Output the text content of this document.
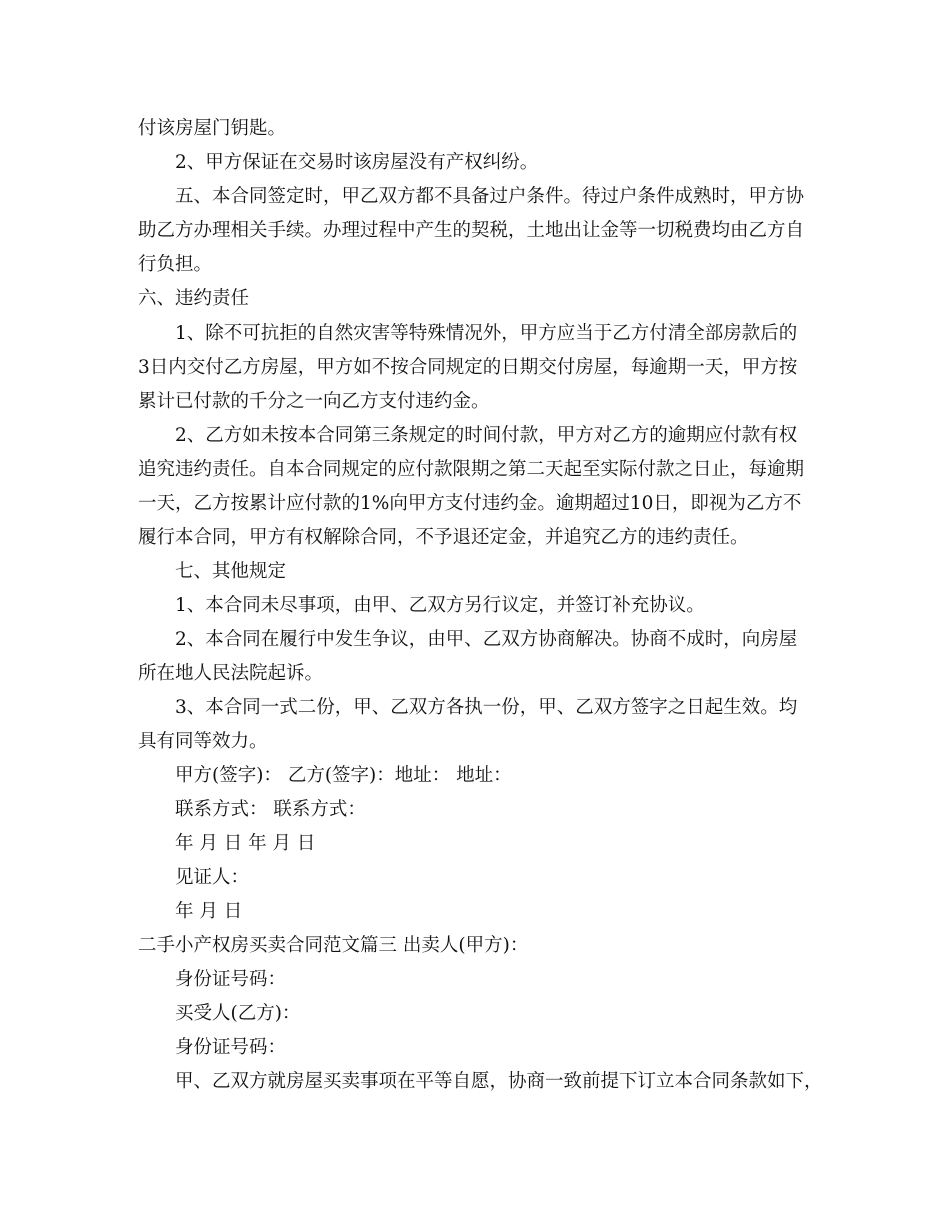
付该房屋门钥匙。
2、甲方保证在交易时该房屋没有产权纠纷。
五、本合同签定时，甲乙双方都不具备过户条件。待过户条件成熟时，甲方协
助乙方办理相关手续。办理过程中产生的契税，土地出让金等一切税费均由乙方自
行负担。
六、违约责任
1、除不可抗拒的自然灾害等特殊情况外，甲方应当于乙方付清全部房款后的
3日内交付乙方房屋，甲方如不按合同规定的日期交付房屋，每逾期一天，甲方按
累计已付款的千分之一向乙方支付违约金。
2、乙方如未按本合同第三条规定的时间付款，甲方对乙方的逾期应付款有权
追究违约责任。自本合同规定的应付款限期之第二天起至实际付款之日止，每逾期
一天，乙方按累计应付款的1%向甲方支付违约金。逾期超过10日，即视为乙方不
履行本合同，甲方有权解除合同，不予退还定金，并追究乙方的违约责任。
七、其他规定
1、本合同未尽事项，由甲、乙双方另行议定，并签订补充协议。
2、本合同在履行中发生争议，由甲、乙双方协商解决。协商不成时，向房屋
所在地人民法院起诉。
3、本合同一式二份，甲、乙双方各执一份，甲、乙双方签字之日起生效。均
具有同等效力。
甲方(签字)： 乙方(签字)：地址： 地址：
联系方式： 联系方式：
年 月 日 年 月 日
见证人：
年 月 日
二手小产权房买卖合同范文篇三 出卖人(甲方)：
身份证号码：
买受人(乙方)：
身份证号码：
甲、乙双方就房屋买卖事项在平等自愿，协商一致前提下订立本合同条款如下，
